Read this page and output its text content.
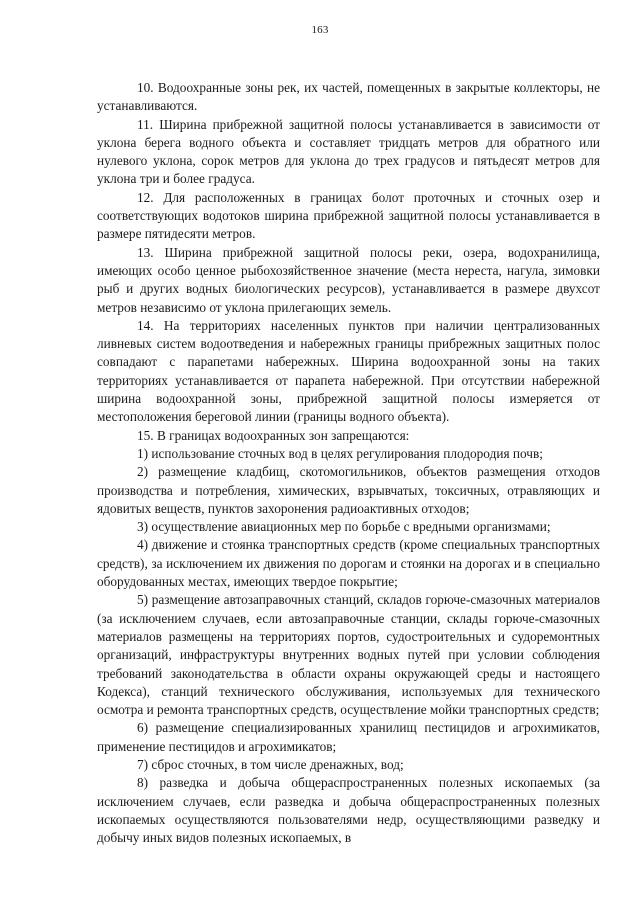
163

10. Водоохранные зоны рек, их частей, помещенных в закрытые коллекторы, не устанавливаются.

11. Ширина прибрежной защитной полосы устанавливается в зависимости от уклона берега водного объекта и составляет тридцать метров для обратного или нулевого уклона, сорок метров для уклона до трех градусов и пятьдесят метров для уклона три и более градуса.

12. Для расположенных в границах болот проточных и сточных озер и соответствующих водотоков ширина прибрежной защитной полосы устанавливается в размере пятидесяти метров.

13. Ширина прибрежной защитной полосы реки, озера, водохранилища, имеющих особо ценное рыбохозяйственное значение (места нереста, нагула, зимовки рыб и других водных биологических ресурсов), устанавливается в размере двухсот метров независимо от уклона прилегающих земель.

14. На территориях населенных пунктов при наличии централизованных ливневых систем водоотведения и набережных границы прибрежных защитных полос совпадают с парапетами набережных. Ширина водоохранной зоны на таких территориях устанавливается от парапета набережной. При отсутствии набережной ширина водоохранной зоны, прибрежной защитной полосы измеряется от местоположения береговой линии (границы водного объекта).

15. В границах водоохранных зон запрещаются:

1) использование сточных вод в целях регулирования плодородия почв;

2) размещение кладбищ, скотомогильников, объектов размещения отходов производства и потребления, химических, взрывчатых, токсичных, отравляющих и ядовитых веществ, пунктов захоронения радиоактивных отходов;

3) осуществление авиационных мер по борьбе с вредными организмами;

4) движение и стоянка транспортных средств (кроме специальных транспортных средств), за исключением их движения по дорогам и стоянки на дорогах и в специально оборудованных местах, имеющих твердое покрытие;

5) размещение автозаправочных станций, складов горюче-смазочных материалов (за исключением случаев, если автозаправочные станции, склады горюче-смазочных материалов размещены на территориях портов, судостроительных и судоремонтных организаций, инфраструктуры внутренних водных путей при условии соблюдения требований законодательства в области охраны окружающей среды и настоящего Кодекса), станций технического обслуживания, используемых для технического осмотра и ремонта транспортных средств, осуществление мойки транспортных средств;

6) размещение специализированных хранилищ пестицидов и агрохимикатов, применение пестицидов и агрохимикатов;

7) сброс сточных, в том числе дренажных, вод;

8) разведка и добыча общераспространенных полезных ископаемых (за исключением случаев, если разведка и добыча общераспространенных полезных ископаемых осуществляются пользователями недр, осуществляющими разведку и добычу иных видов полезных ископаемых, в
